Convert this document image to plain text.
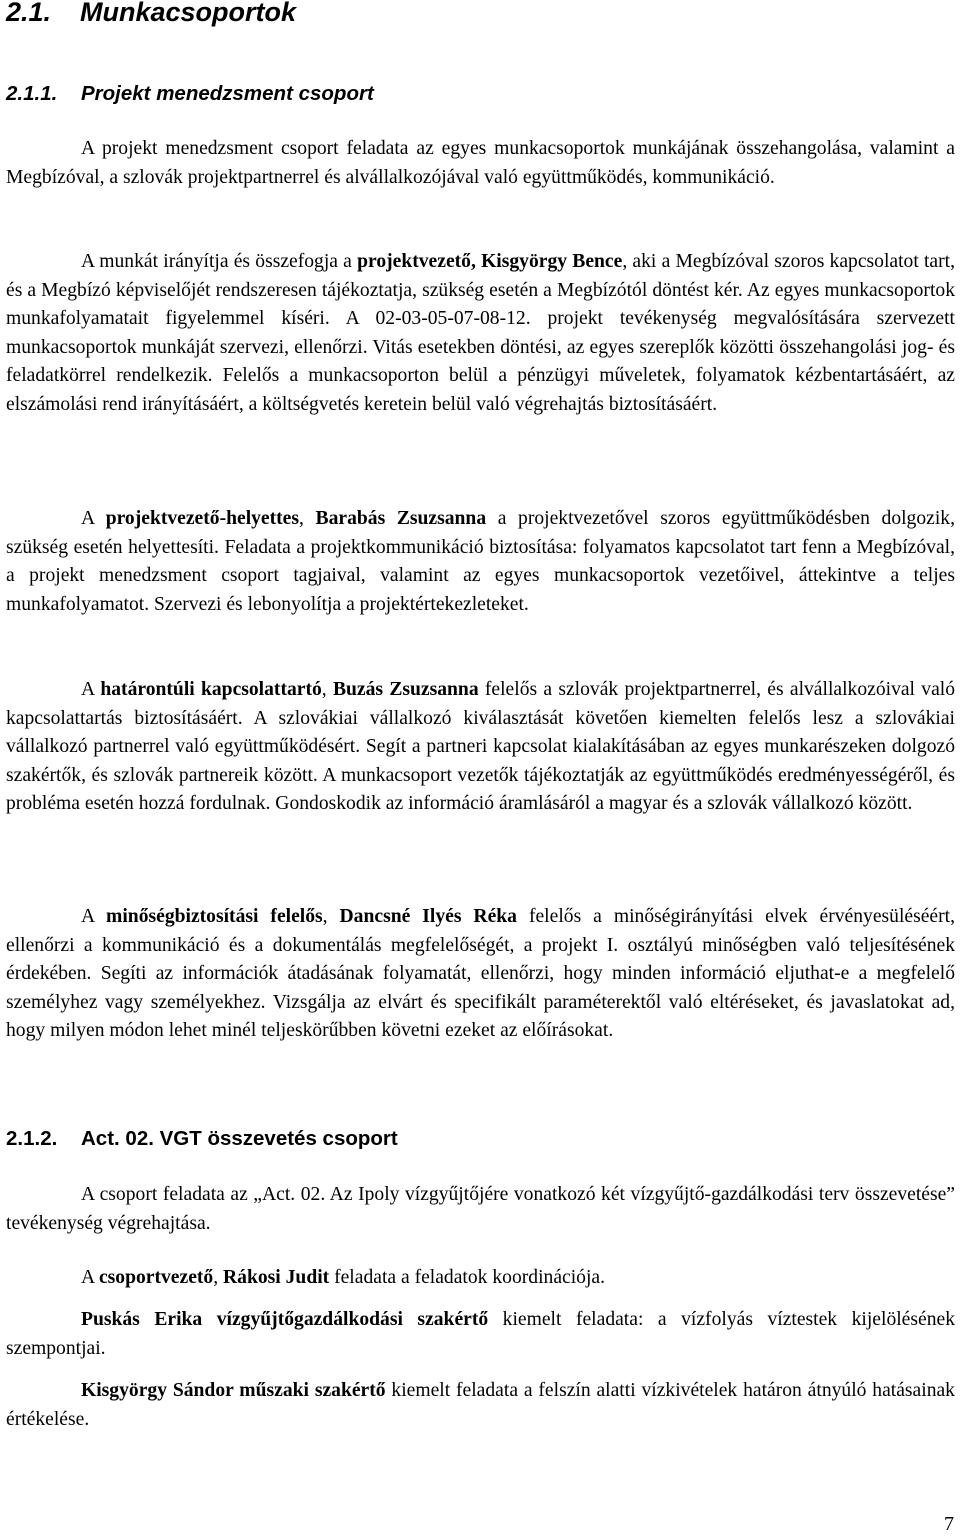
2.1. Munkacsoportok
2.1.1. Projekt menedzsment csoport

A projekt menedzsment csoport feladata az egyes munkacsoportok munkájának összehangolása, valamint a Megbízóval, a szlovák projektpartnerrel és alvállalkozójával való együttműködés, kommunikáció.

A munkát irányítja és összefogja a projektvezető, Kisgyörgy Bence, aki a Megbízóval szoros kapcsolatot tart, és a Megbízó képviselőjét rendszeresen tájékoztatja, szükség esetén a Megbízótól döntést kér. Az egyes munkacsoportok munkafolyamatait figyelemmel kíséri. A 02-03-05-07-08-12. projekt tevékenység megvalósítására szervezett munkacsoportok munkáját szervezi, ellenőrzi. Vitás esetekben döntési, az egyes szereplők közötti összehangolási jog- és feladatkörrel rendelkezik. Felelős a munkacsoporton belül a pénzügyi műveletek, folyamatok kézbentartásáért, az elszámolási rend irányításáért, a költségvetés keretein belül való végrehajtás biztosításáért.

A projektvezető-helyettes, Barabás Zsuzsanna a projektvezetővel szoros együttműködésben dolgozik, szükség esetén helyettesíti. Feladata a projektkommunikáció biztosítása: folyamatos kapcsolatot tart fenn a Megbízóval, a projekt menedzsment csoport tagjaival, valamint az egyes munkacsoportok vezetőivel, áttekintve a teljes munkafolyamatot. Szervezi és lebonyolítja a projektértekezleteket.

A határontúli kapcsolattartó, Buzás Zsuzsanna felelős a szlovák projektpartnerrel, és alvállalkozóival való kapcsolattartás biztosításáért. A szlovákiai vállalkozó kiválasztását követően kiemelten felelős lesz a szlovákiai vállalkozó partnerrel való együttműködésért. Segít a partneri kapcsolat kialakításában az egyes munkarészeken dolgozó szakértők, és szlovák partnereik között. A munkacsoport vezetők tájékoztatják az együttműködés eredményességéről, és probléma esetén hozzá fordulnak. Gondoskodik az információ áramlásáról a magyar és a szlovák vállalkozó között.

A minőségbiztosítási felelős, Dancsné Ilyés Réka felelős a minőségirányítási elvek érvényesüléséért, ellenőrzi a kommunikáció és a dokumentálás megfelelőségét, a projekt I. osztályú minőségben való teljesítésének érdekében. Segíti az információk átadásának folyamatát, ellenőrzi, hogy minden információ eljuthat-e a megfelelő személyhez vagy személyekhez. Vizsgálja az elvárt és specifikált paraméterektől való eltéréseket, és javaslatokat ad, hogy milyen módon lehet minél teljeskörűbben követni ezeket az előírásokat.

2.1.2. Act. 02. VGT összevetés csoport

A csoport feladata az „Act. 02. Az Ipoly vízgyűjtőjére vonatkozó két vízgyűjtő-gazdálkodási terv összevetése” tevékenység végrehajtása.

A csoportvezető, Rákosi Judit feladata a feladatok koordinációja.

Puskás Erika vízgyűjtőgazdálkodási szakértő kiemelt feladata: a vízfolyás víztestek kijelölésének szempontjai.

Kisgyörgy Sándor műszaki szakértő kiemelt feladata a felszín alatti vízkivételek határon átnyúló hatásainak értékelése.

7
